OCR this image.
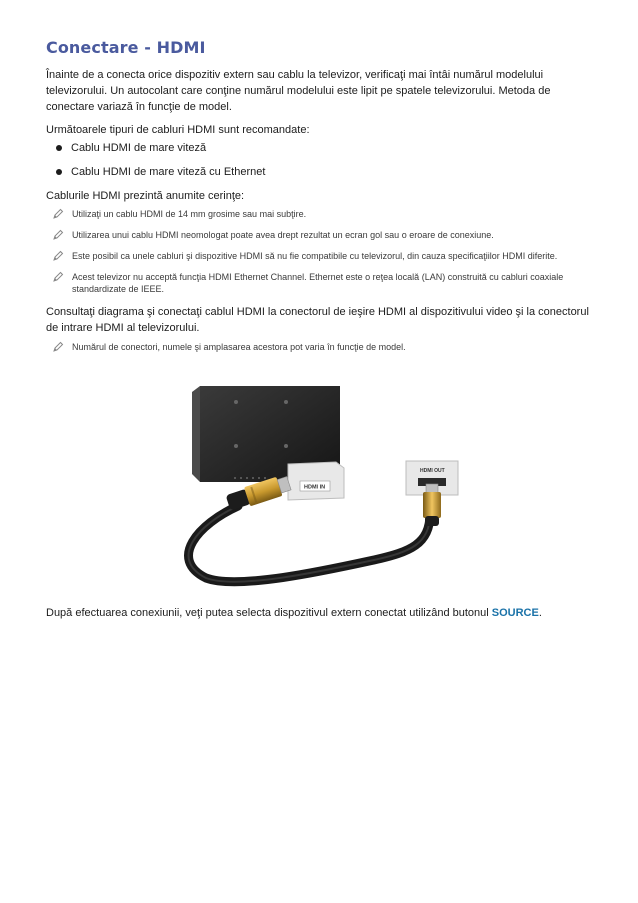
Conectare - HDMI

Înainte de a conecta orice dispozitiv extern sau cablu la televizor, verificaţi mai întâi numărul modelului televizorului. Un autocolant care conţine numărul modelului este lipit pe spatele televizorului. Metoda de conectare variază în funcţie de model.

Următoarele tipuri de cabluri HDMI sunt recomandate:

Cablu HDMI de mare viteză
Cablu HDMI de mare viteză cu Ethernet

Cablurile HDMI prezintă anumite cerinţe:

Utilizaţi un cablu HDMI de 14 mm grosime sau mai subţire.
Utilizarea unui cablu HDMI neomologat poate avea drept rezultat un ecran gol sau o eroare de conexiune.
Este posibil ca unele cabluri şi dispozitive HDMI să nu fie compatibile cu televizorul, din cauza specificaţiilor HDMI diferite.
Acest televizor nu acceptă funcţia HDMI Ethernet Channel. Ethernet este o reţea locală (LAN) construită cu cabluri coaxiale standardizate de IEEE.

Consultaţi diagrama şi conectaţi cablul HDMI la conectorul de ieşire HDMI al dispozitivului video şi la conectorul de intrare HDMI al televizorului.

Numărul de conectori, numele şi amplasarea acestora pot varia în funcţie de model.
HDMI IN
HDMI OUT

După efectuarea conexiunii, veţi putea selecta dispozitivul extern conectat utilizând butonul SOURCE.
